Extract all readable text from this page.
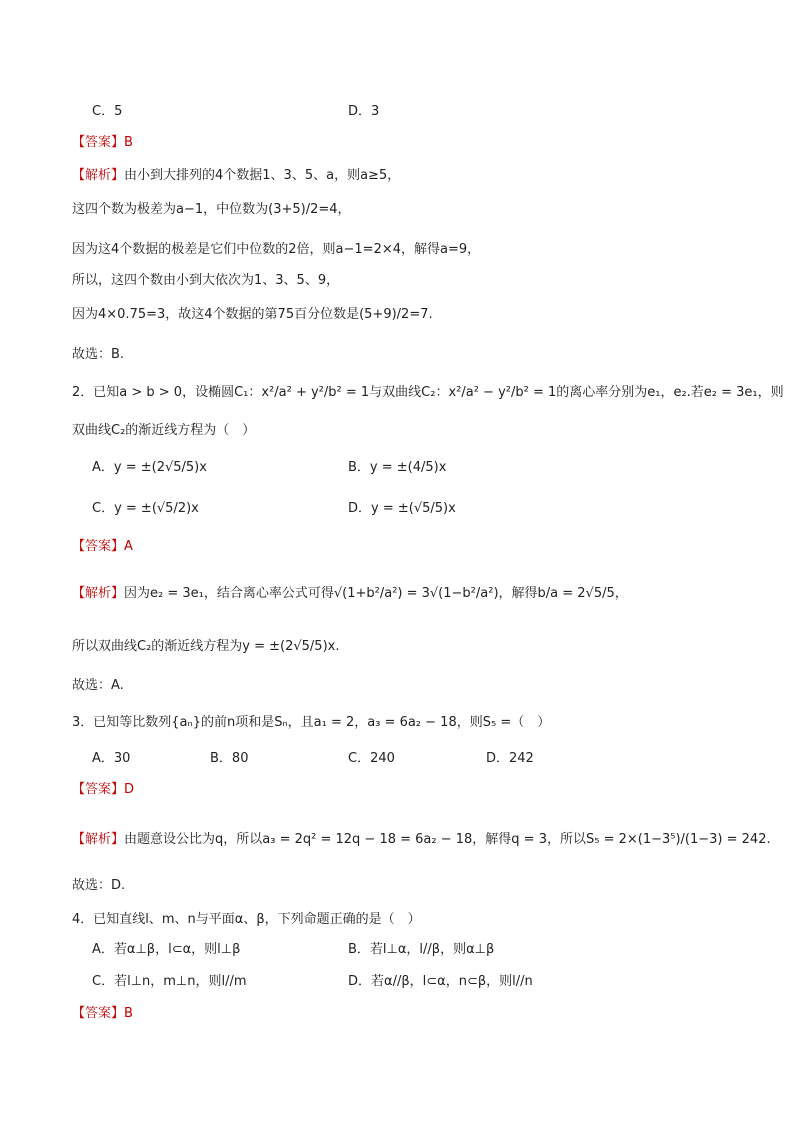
C．5	D．3
【答案】B
【解析】由小到大排列的4个数据1、3、5、a，则a≥5，
这四个数为极差为a−1，中位数为(3+5)/2=4，
因为这4个数据的极差是它们中位数的2倍，则a−1=2×4，解得a=9，
所以，这四个数由小到大依次为1、3、5、9，
因为4×0.75=3，故这4个数据的第75百分位数是(5+9)/2=7.
故选：B.
2．已知a > b > 0，设椭圆C₁：x²/a² + y²/b² = 1与双曲线C₂：x²/a² − y²/b² = 1的离心率分别为e₁，e₂.若e₂ = 3e₁，则
双曲线C₂的渐近线方程为（　）
A．y = ±(2√5/5)x	B．y = ±(4/5)x
C．y = ±(√5/2)x	D．y = ±(√5/5)x
【答案】A
【解析】因为e₂ = 3e₁，结合离心率公式可得√(1+b²/a²) = 3√(1−b²/a²)，解得b/a = 2√5/5，
所以双曲线C₂的渐近线方程为y = ±(2√5/5)x.
故选：A.
3．已知等比数列{aₙ}的前n项和是Sₙ，且a₁ = 2，a₃ = 6a₂ − 18，则S₅ =（　）
A．30	B．80	C．240	D．242
【答案】D
【解析】由题意设公比为q，所以a₃ = 2q² = 12q − 18 = 6a₂ − 18，解得q = 3，所以S₅ = 2×(1−3⁵)/(1−3) = 242.
故选：D.
4．已知直线l、m、n与平面α、β，下列命题正确的是（　）
A．若α⊥β，l⊂α，则l⊥β	B．若l⊥α，l//β，则α⊥β
C．若l⊥n，m⊥n，则l//m	D．若α//β，l⊂α，n⊂β，则l//n
【答案】B
